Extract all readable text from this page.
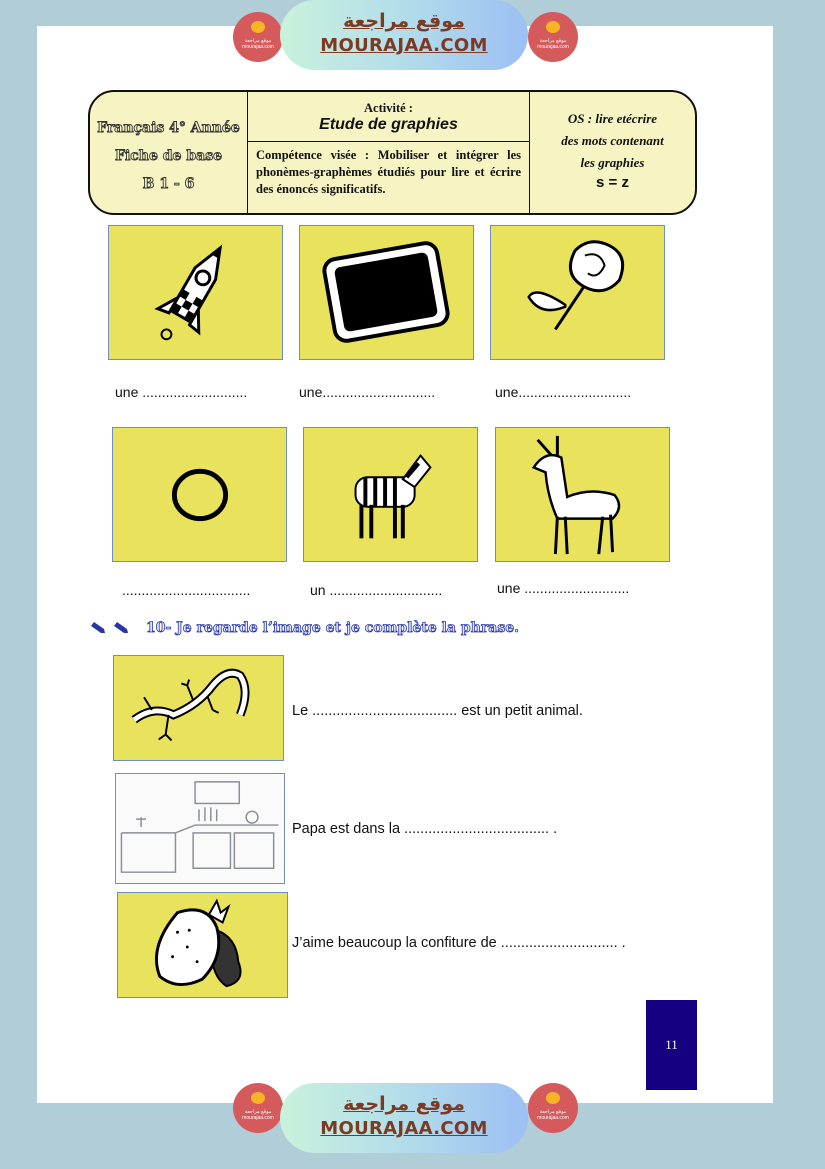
موقع مراجعة mourajaa.com
موقع مراجعة
MOURAJAA.COM	موقع مراجعة mourajaa.com
Français 4° Année
Fiche de base
B 1 - 6
Activité :
Etude de graphies
Compétence visée : Mobiliser et intégrer les phonèmes-graphèmes étudiés pour lire et écrire des énoncés significatifs.
OS : lire etécrire
des mots contenant
les graphies
s = z
une ...........................	une.............................	une.............................
.................................	un .............................	une ...........................
10- Je regarde l’image et je complète la phrase.
Le .................................... est un petit animal.
Papa est dans la .................................... .
J’aime beaucoup la confiture de ............................. .
11
موقع مراجعة mourajaa.com
موقع مراجعة
MOURAJAA.COM
موقع مراجعة mourajaa.com
